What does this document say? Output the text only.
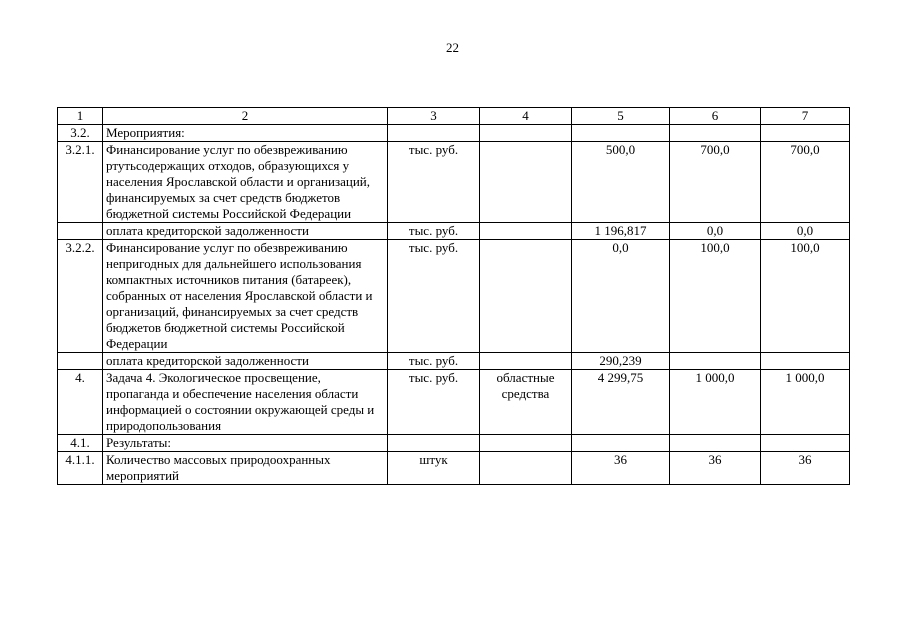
22
1	2	3	4	5	6	7
3.2.	Мероприятия:					
3.2.1.	Финансирование услуг по обезвреживанию ртутьсодержащих отходов, образующихся у населения Ярославской области и организаций, финансируемых за счет средств бюджетов бюджетной системы Российской Федерации	тыс. руб.		500,0	700,0	700,0
	оплата кредиторской задолженности	тыс. руб.		1 196,817	0,0	0,0
3.2.2.	Финансирование услуг по обезвреживанию непригодных для дальнейшего использования компактных источников питания (батареек), собранных от населения Ярославской области и организаций, финансируемых за счет средств бюджетов бюджетной системы Российской Федерации	тыс. руб.		0,0	100,0	100,0
	оплата кредиторской задолженности	тыс. руб.		290,239		
4.	Задача 4. Экологическое просвещение, пропаганда и обеспечение населения области информацией о состоянии окружающей среды и природопользования	тыс. руб.	областные средства	4 299,75	1 000,0	1 000,0
4.1.	Результаты:					
4.1.1.	Количество массовых природоохранных мероприятий	штук		36	36	36
